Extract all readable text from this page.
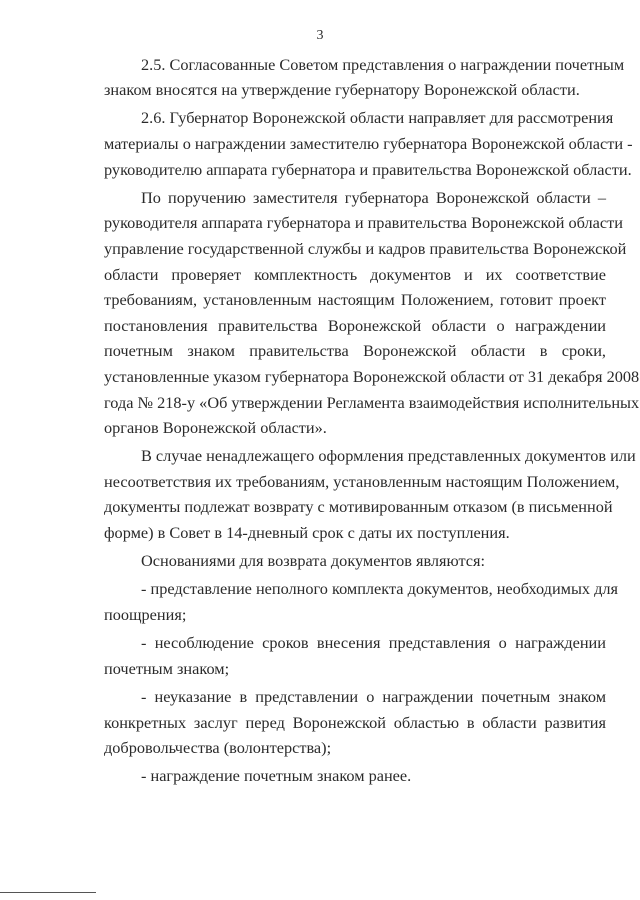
3
2.5. Согласованные Советом представления о награждении почетным
знаком вносятся на утверждение губернатору Воронежской области.
2.6. Губернатор Воронежской области направляет для рассмотрения
материалы о награждении заместителю губернатора Воронежской области -
руководителю аппарата губернатора и правительства Воронежской области.
По поручению заместителя губернатора Воронежской области –
руководителя аппарата губернатора и правительства Воронежской области
управление государственной службы и кадров правительства Воронежской
области проверяет комплектность документов и их соответствие
требованиям, установленным настоящим Положением, готовит проект
постановления правительства Воронежской области о награждении
почетным знаком правительства Воронежской области в сроки,
установленные указом губернатора Воронежской области от 31 декабря 2008
года № 218-у «Об утверждении Регламента взаимодействия исполнительных
органов Воронежской области».
В случае ненадлежащего оформления представленных документов или
несоответствия их требованиям, установленным настоящим Положением,
документы подлежат возврату с мотивированным отказом (в письменной
форме) в Совет в 14-дневный срок с даты их поступления.
Основаниями для возврата документов являются:
- представление неполного комплекта документов, необходимых для
поощрения;
- несоблюдение сроков внесения представления о награждении
почетным знаком;
- неуказание в представлении о награждении почетным знаком
конкретных заслуг перед Воронежской областью в области развития
добровольчества (волонтерства);
- награждение почетным знаком ранее.
